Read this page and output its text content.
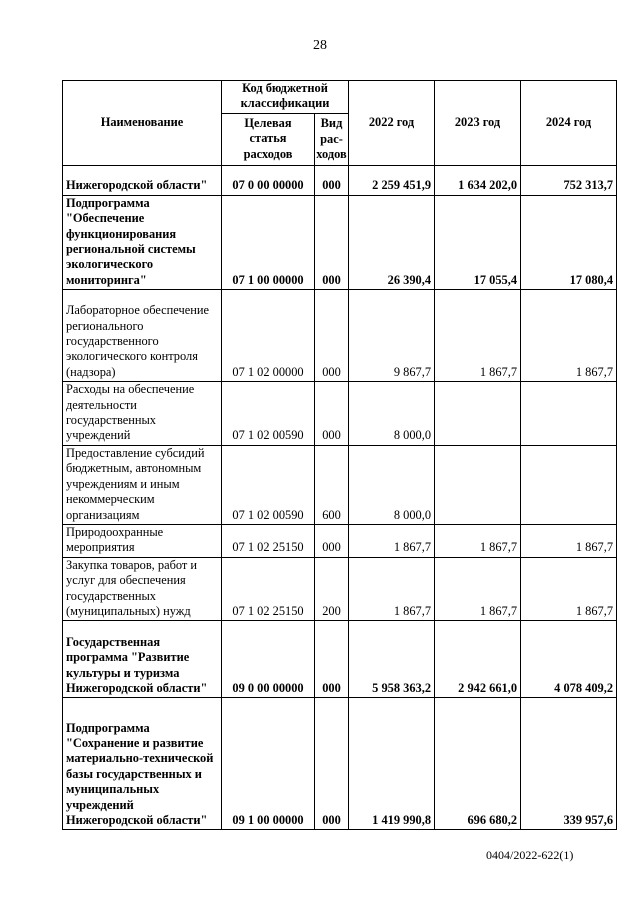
28
Наименование	Код бюджетной классификации		2022 год	2023 год	2024 год
	Целевая статья расходов	Вид рас-ходов			
Нижегородской области"	07 0 00 00000	000	2 259 451,9	1 634 202,0	752 313,7
Подпрограмма "Обеспечение функционирования региональной системы экологического мониторинга"	07 1 00 00000	000	26 390,4	17 055,4	17 080,4
Лабораторное обеспечение регионального государственного экологического контроля (надзора)	07 1 02 00000	000	9 867,7	1 867,7	1 867,7
Расходы на обеспечение деятельности государственных учреждений	07 1 02 00590	000	8 000,0		
Предоставление субсидий бюджетным, автономным учреждениям и иным некоммерческим организациям	07 1 02 00590	600	8 000,0		
Природоохранные мероприятия	07 1 02 25150	000	1 867,7	1 867,7	1 867,7
Закупка товаров, работ и услуг для обеспечения государственных (муниципальных) нужд	07 1 02 25150	200	1 867,7	1 867,7	1 867,7
Государственная программа "Развитие культуры и туризма Нижегородской области"	09 0 00 00000	000	5 958 363,2	2 942 661,0	4 078 409,2
Подпрограмма "Сохранение и развитие материально-технической базы государственных и муниципальных учреждений Нижегородской области"	09 1 00 00000	000	1 419 990,8	696 680,2	339 957,6
0404/2022-622(1)
